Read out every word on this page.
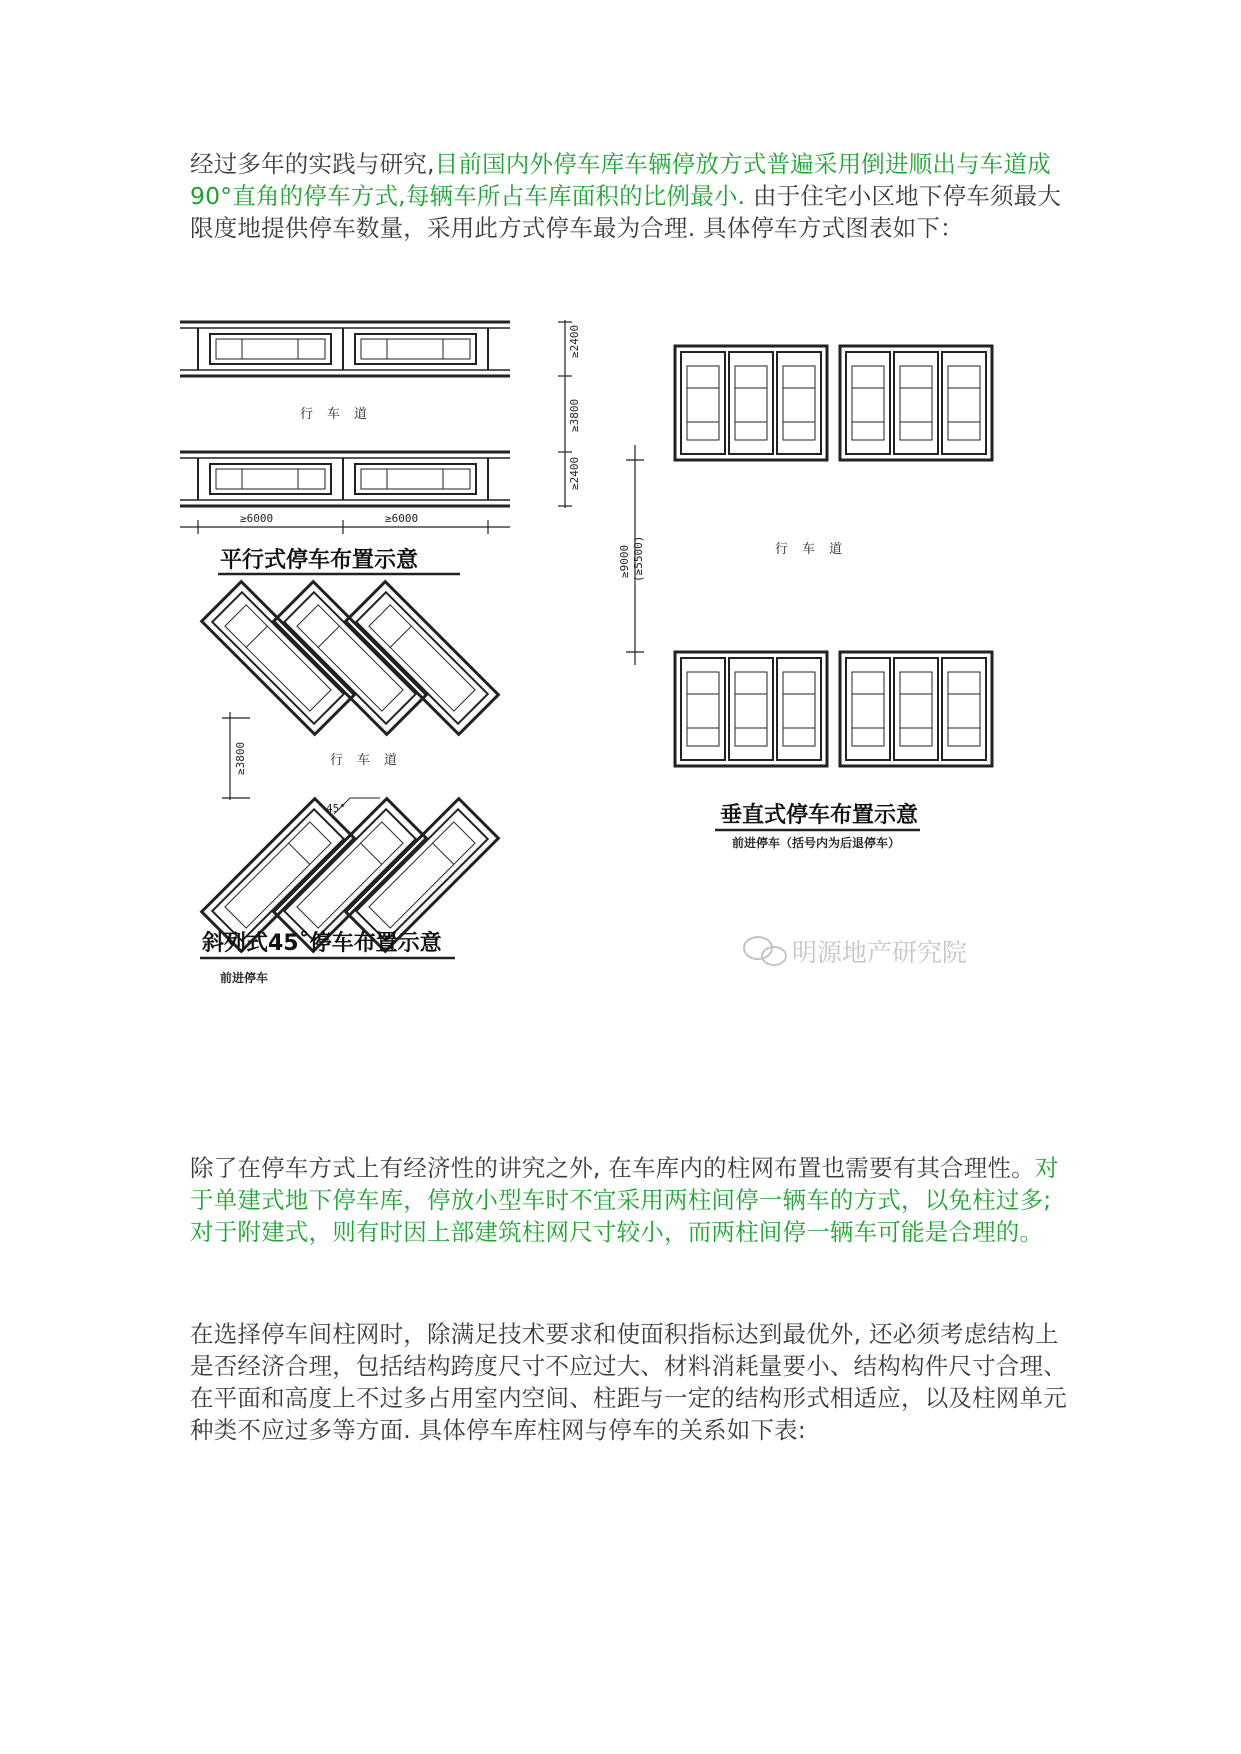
经过多年的实践与研究,目前国内外停车库车辆停放方式普遍采用倒进顺出与车道成 90°直角的停车方式,每辆车所占车库面积的比例最小. 由于住宅小区地下停车须最大限度地提供停车数量，采用此方式停车最为合理. 具体停车方式图表如下：
≥2400
≥3800
≥2400
≥6000	≥6000
行车道
平行式停车布置示意
≥3800
45°
行车道
斜列式45˚停车布置示意
前进停车
≥9000 (≥5500)	行车道
垂直式停车布置示意
前进停车（括号内为后退停车）
明源地产研究院
除了在停车方式上有经济性的讲究之外, 在车库内的柱网布置也需要有其合理性。对于单建式地下停车库，停放小型车时不宜采用两柱间停一辆车的方式，以免柱过多; 对于附建式，则有时因上部建筑柱网尺寸较小，而两柱间停一辆车可能是合理的。
在选择停车间柱网时，除满足技术要求和使面积指标达到最优外, 还必须考虑结构上是否经济合理，包括结构跨度尺寸不应过大、材料消耗量要小、结构构件尺寸合理、在平面和高度上不过多占用室内空间、柱距与一定的结构形式相适应，以及柱网单元种类不应过多等方面. 具体停车库柱网与停车的关系如下表:
